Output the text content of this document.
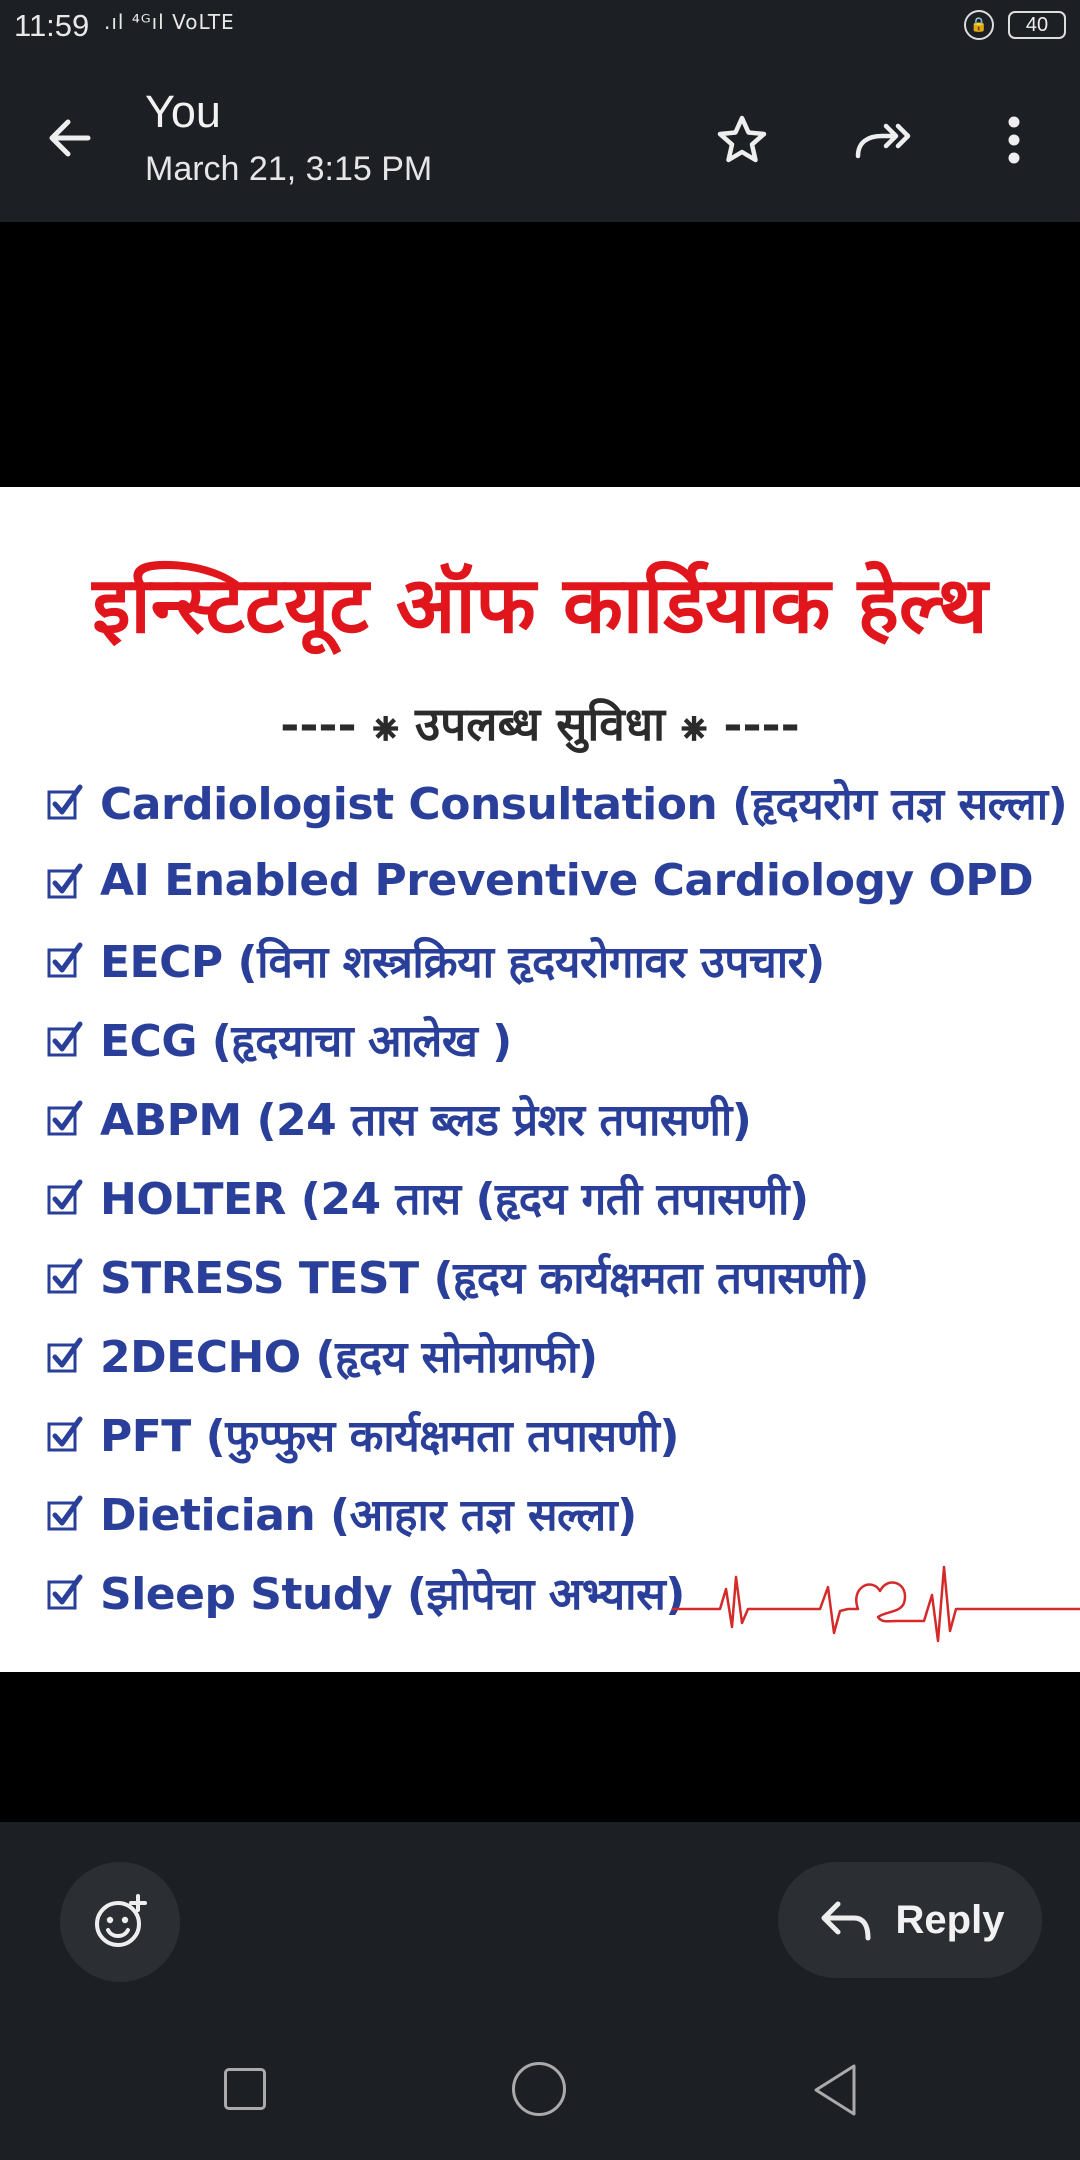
11:59 .ıl ⁴ᴳıl VoLTE	🔒	40
You
March 21, 3:15 PM
इन्स्टिटयूट ऑफ कार्डियाक हेल्थ
---- ⁕ उपलब्ध सुविधा ⁕ ----
Cardiologist Consultation (हृदयरोग तज्ञ सल्ला)
AI Enabled Preventive Cardiology OPD
EECP (विना शस्त्रक्रिया हृदयरोगावर उपचार)
ECG (हृदयाचा आलेख )
ABPM (24 तास ब्लड प्रेशर तपासणी)
HOLTER (24 तास (हृदय गती तपासणी)
STRESS TEST (हृदय कार्यक्षमता तपासणी)
2DECHO (हृदय सोनोग्राफी)
PFT (फुप्फुस कार्यक्षमता तपासणी)
Dietician (आहार तज्ञ सल्ला)
Sleep Study (झोपेचा अभ्यास)
Reply
